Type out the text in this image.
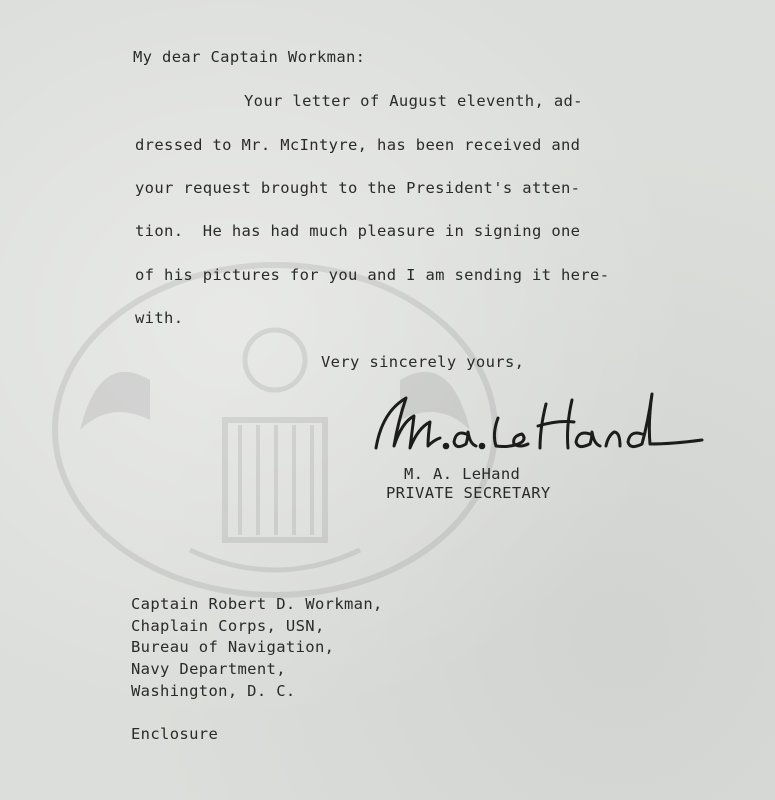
My dear Captain Workman:

Your letter of August eleventh, ad-

dressed to Mr. McIntyre, has been received and

your request brought to the President's atten-

tion.  He has had much pleasure in signing one

of his pictures for you and I am sending it here-

with.

Very sincerely yours,

M. A. LeHand

PRIVATE SECRETARY

Captain Robert D. Workman,

Chaplain Corps, USN,

Bureau of Navigation,

Navy Department,

Washington, D. C.

Enclosure
